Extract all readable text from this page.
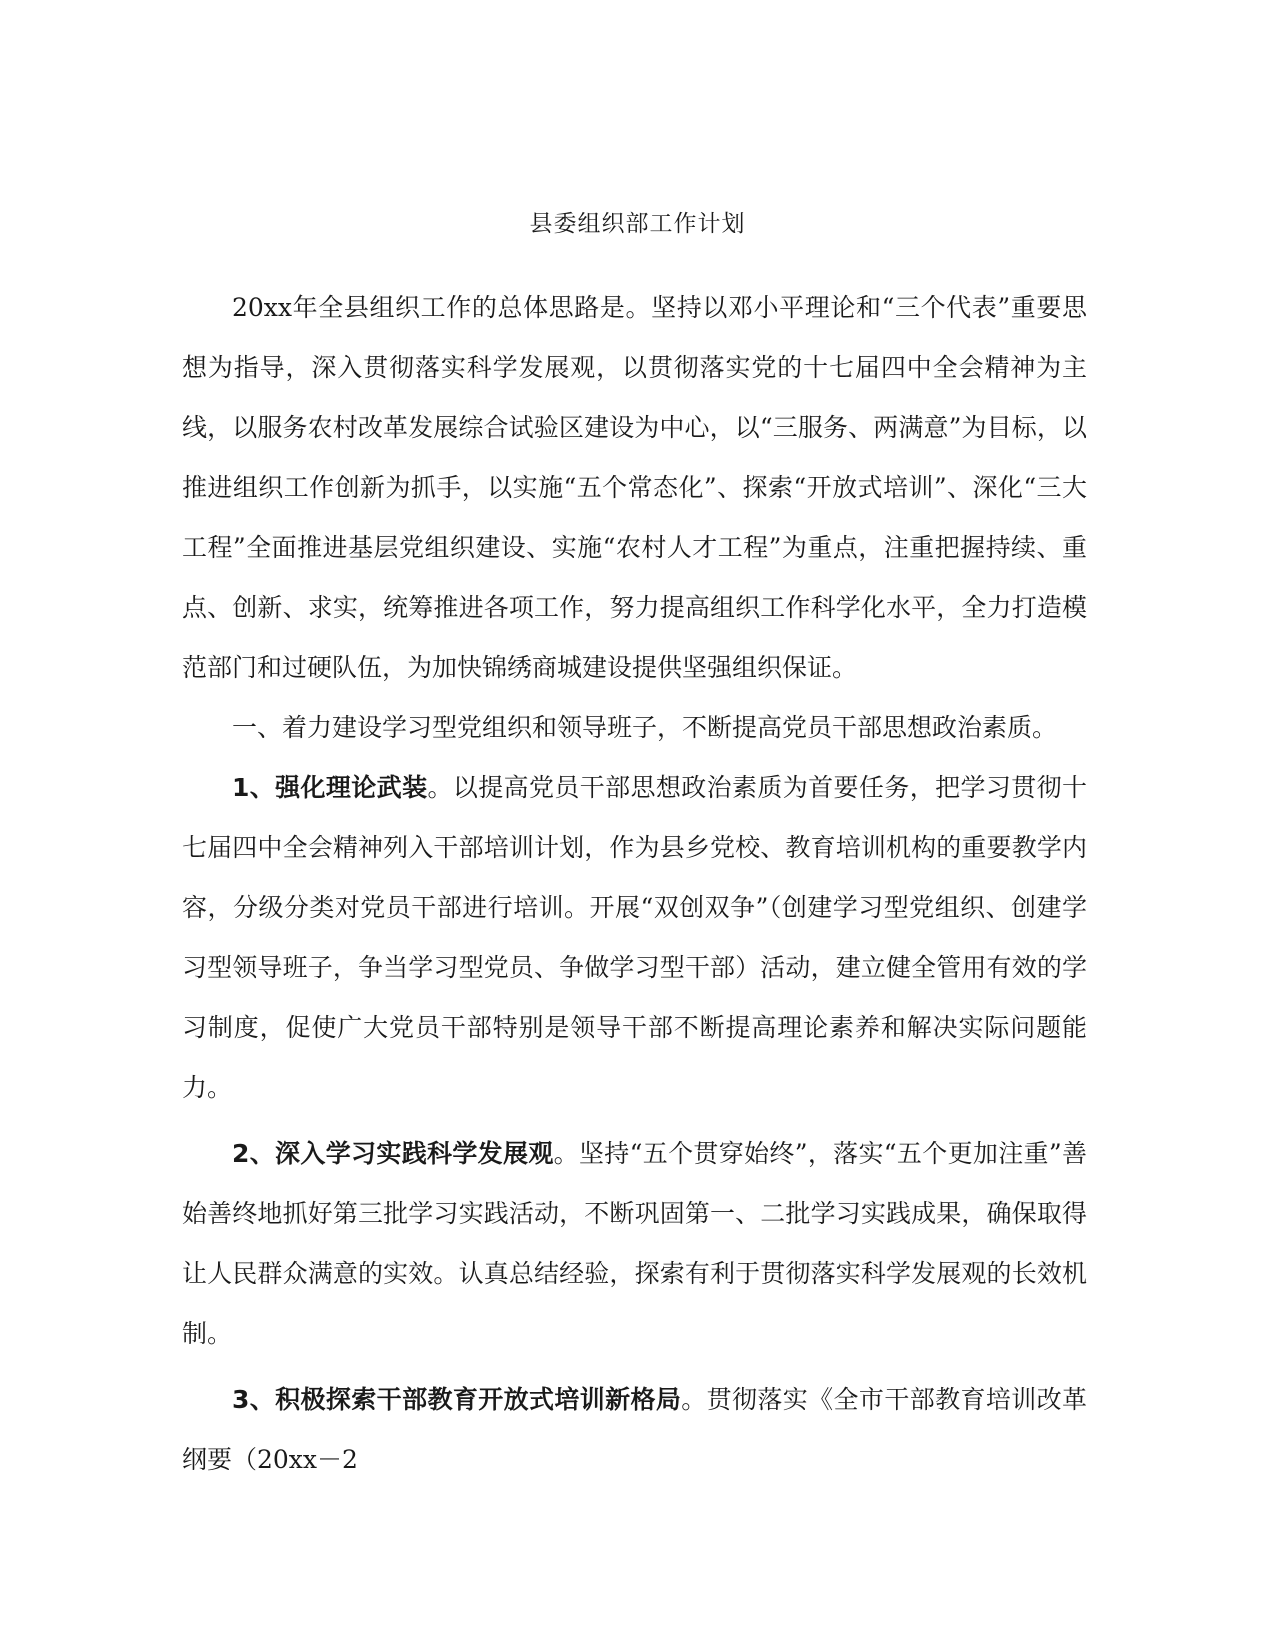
县委组织部工作计划

20xx年全县组织工作的总体思路是。坚持以邓小平理论和“三个代表”重要思想为指导，深入贯彻落实科学发展观，以贯彻落实党的十七届四中全会精神为主线，以服务农村改革发展综合试验区建设为中心，以“三服务、两满意”为目标，以推进组织工作创新为抓手，以实施“五个常态化”、探索“开放式培训”、深化“三大工程”全面推进基层党组织建设、实施“农村人才工程”为重点，注重把握持续、重点、创新、求实，统筹推进各项工作，努力提高组织工作科学化水平，全力打造模范部门和过硬队伍，为加快锦绣商城建设提供坚强组织保证。

一、着力建设学习型党组织和领导班子，不断提高党员干部思想政治素质。

1、强化理论武装。以提高党员干部思想政治素质为首要任务，把学习贯彻十七届四中全会精神列入干部培训计划，作为县乡党校、教育培训机构的重要教学内容，分级分类对党员干部进行培训。开展“双创双争”（创建学习型党组织、创建学习型领导班子，争当学习型党员、争做学习型干部）活动，建立健全管用有效的学习制度，促使广大党员干部特别是领导干部不断提高理论素养和解决实际问题能力。

2、深入学习实践科学发展观。坚持“五个贯穿始终”，落实“五个更加注重”善始善终地抓好第三批学习实践活动，不断巩固第一、二批学习实践成果，确保取得让人民群众满意的实效。认真总结经验，探索有利于贯彻落实科学发展观的长效机制。

3、积极探索干部教育开放式培训新格局。贯彻落实《全市干部教育培训改革纲要（20xx－2
